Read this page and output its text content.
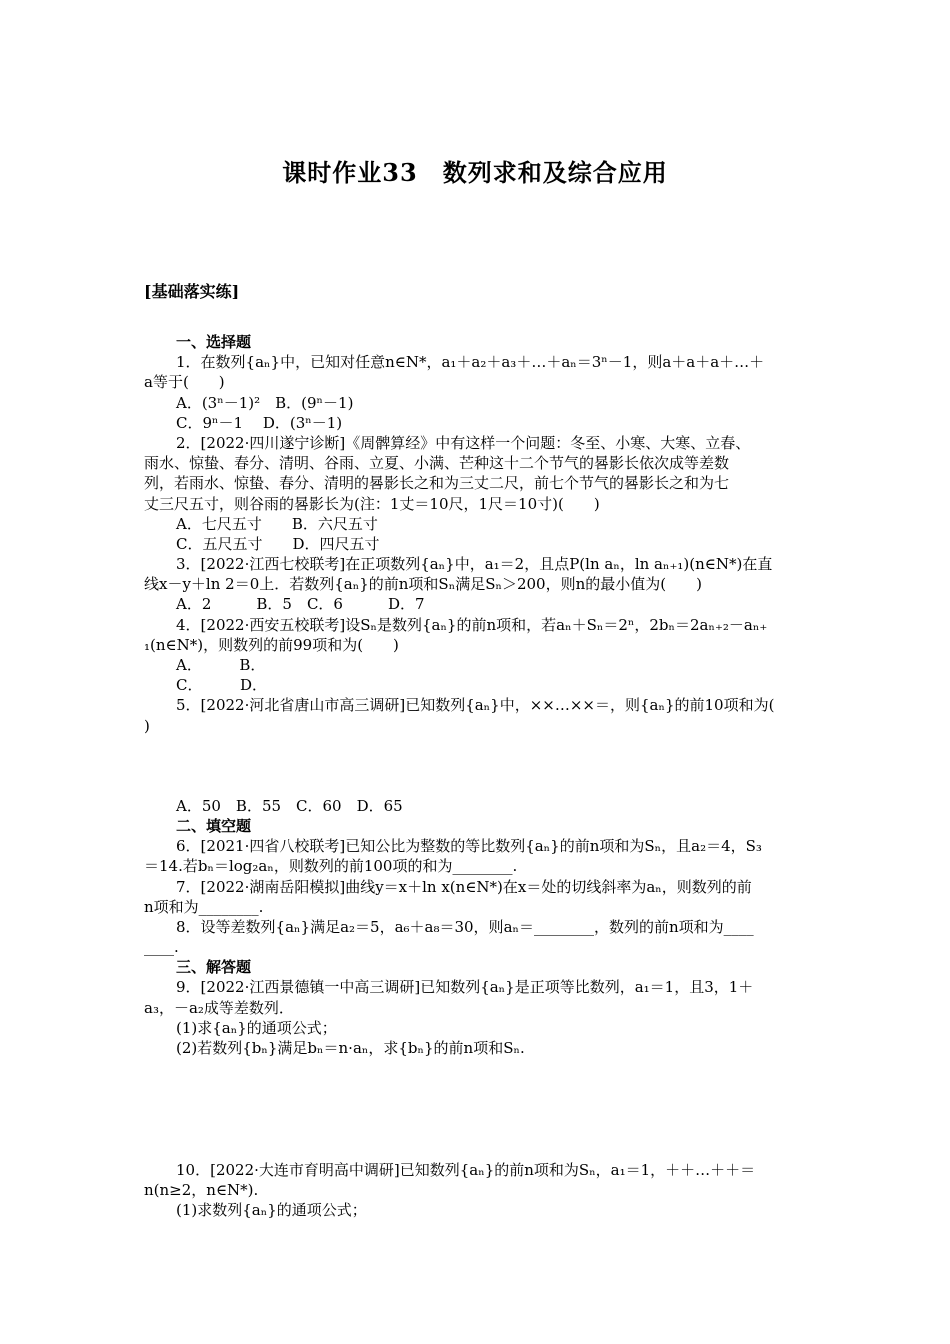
课时作业33　数列求和及综合应用
[基础落实练]
一、选择题
1．在数列{aₙ}中，已知对任意n∈N*，a₁＋a₂＋a₃＋…＋aₙ＝3ⁿ－1，则a＋a＋a＋…＋
a等于(　　)
A．(3ⁿ－1)²　B．(9ⁿ－1)
C．9ⁿ－1　 D．(3ⁿ－1)
2．[2022·四川遂宁诊断]《周髀算经》中有这样一个问题：冬至、小寒、大寒、立春、
雨水、惊蛰、春分、清明、谷雨、立夏、小满、芒种这十二个节气的晷影长依次成等差数
列，若雨水、惊蛰、春分、清明的晷影长之和为三丈二尺，前七个节气的晷影长之和为七
丈三尺五寸，则谷雨的晷影长为(注：1丈＝10尺，1尺＝10寸)(　　)
A．七尺五寸　　B．六尺五寸
C．五尺五寸　　D．四尺五寸
3．[2022·江西七校联考]在正项数列{aₙ}中，a₁＝2，且点P(ln aₙ，ln aₙ₊₁)(n∈N*)在直
线x－y＋ln 2＝0上．若数列{aₙ}的前n项和Sₙ满足Sₙ＞200，则n的最小值为(　　)
A．2　　　B．5　C．6　　　D．7
4．[2022·西安五校联考]设Sₙ是数列{aₙ}的前n项和，若aₙ＋Sₙ＝2ⁿ，2bₙ＝2aₙ₊₂－aₙ₊
₁(n∈N*)，则数列的前99项和为(　　)
A．　　　B．
C．　　　D．
5．[2022·河北省唐山市高三调研]已知数列{aₙ}中，××…××＝，则{aₙ}的前10项和为(
)
A．50　B．55　C．60　D．65
二、填空题
6．[2021·四省八校联考]已知公比为整数的等比数列{aₙ}的前n项和为Sₙ，且a₂＝4，S₃
＝14.若bₙ＝log₂aₙ，则数列的前100项的和为________.
7．[2022·湖南岳阳模拟]曲线y＝x＋ln x(n∈N*)在x＝处的切线斜率为aₙ，则数列的前
n项和为________.
8．设等差数列{aₙ}满足a₂＝5，a₆＋a₈＝30，则aₙ＝________，数列的前n项和为____
____.
三、解答题
9．[2022·江西景德镇一中高三调研]已知数列{aₙ}是正项等比数列，a₁＝1，且3，1＋
a₃，－a₂成等差数列．
(1)求{aₙ}的通项公式；
(2)若数列{bₙ}满足bₙ＝n·aₙ，求{bₙ}的前n项和Sₙ.
10．[2022·大连市育明高中调研]已知数列{aₙ}的前n项和为Sₙ，a₁＝1，＋＋…＋＋＝
n(n≥2，n∈N*).
(1)求数列{aₙ}的通项公式；
